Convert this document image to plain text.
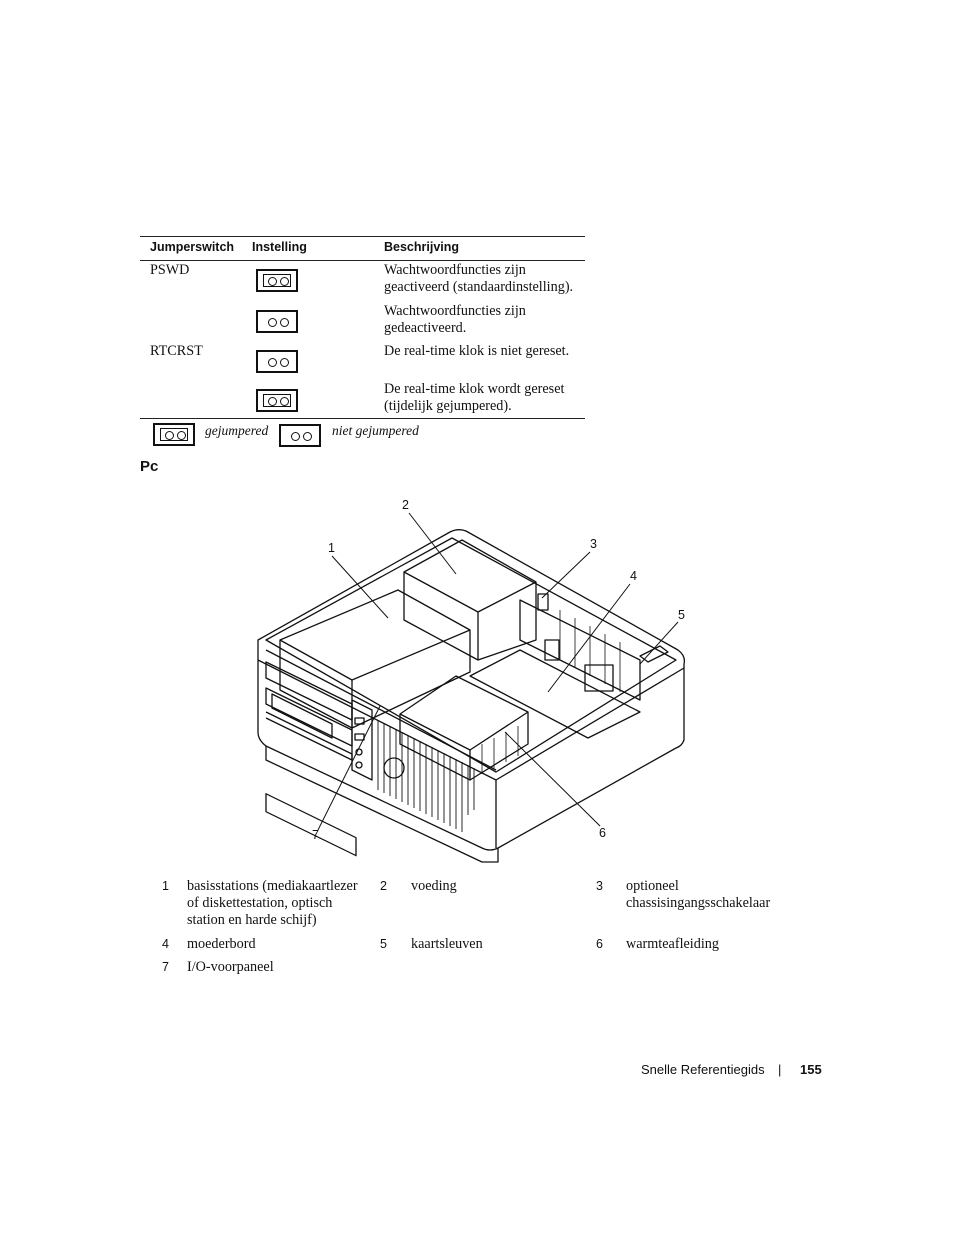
Jumperswitch Instelling	Beschrijving
PSWD	Wachtwoordfuncties zijn geactiveerd (standaardinstelling).
Wachtwoordfuncties zijn gedeactiveerd.
RTCRST	De real-time klok is niet gereset.
De real-time klok wordt gereset (tijdelijk gejumpered).
gejumpered	niet gejumpered
Pc
1
2
3
4
5
6
7
1 basisstations (mediakaartlezer of diskettestation, optisch station en harde schijf)
2 voeding	3 optioneel chassisingangsschakelaar
4 moederbord	5 kaartsleuven	6 warmteafleiding
7 I/O-voorpaneel
Snelle Referentiegids | 155
